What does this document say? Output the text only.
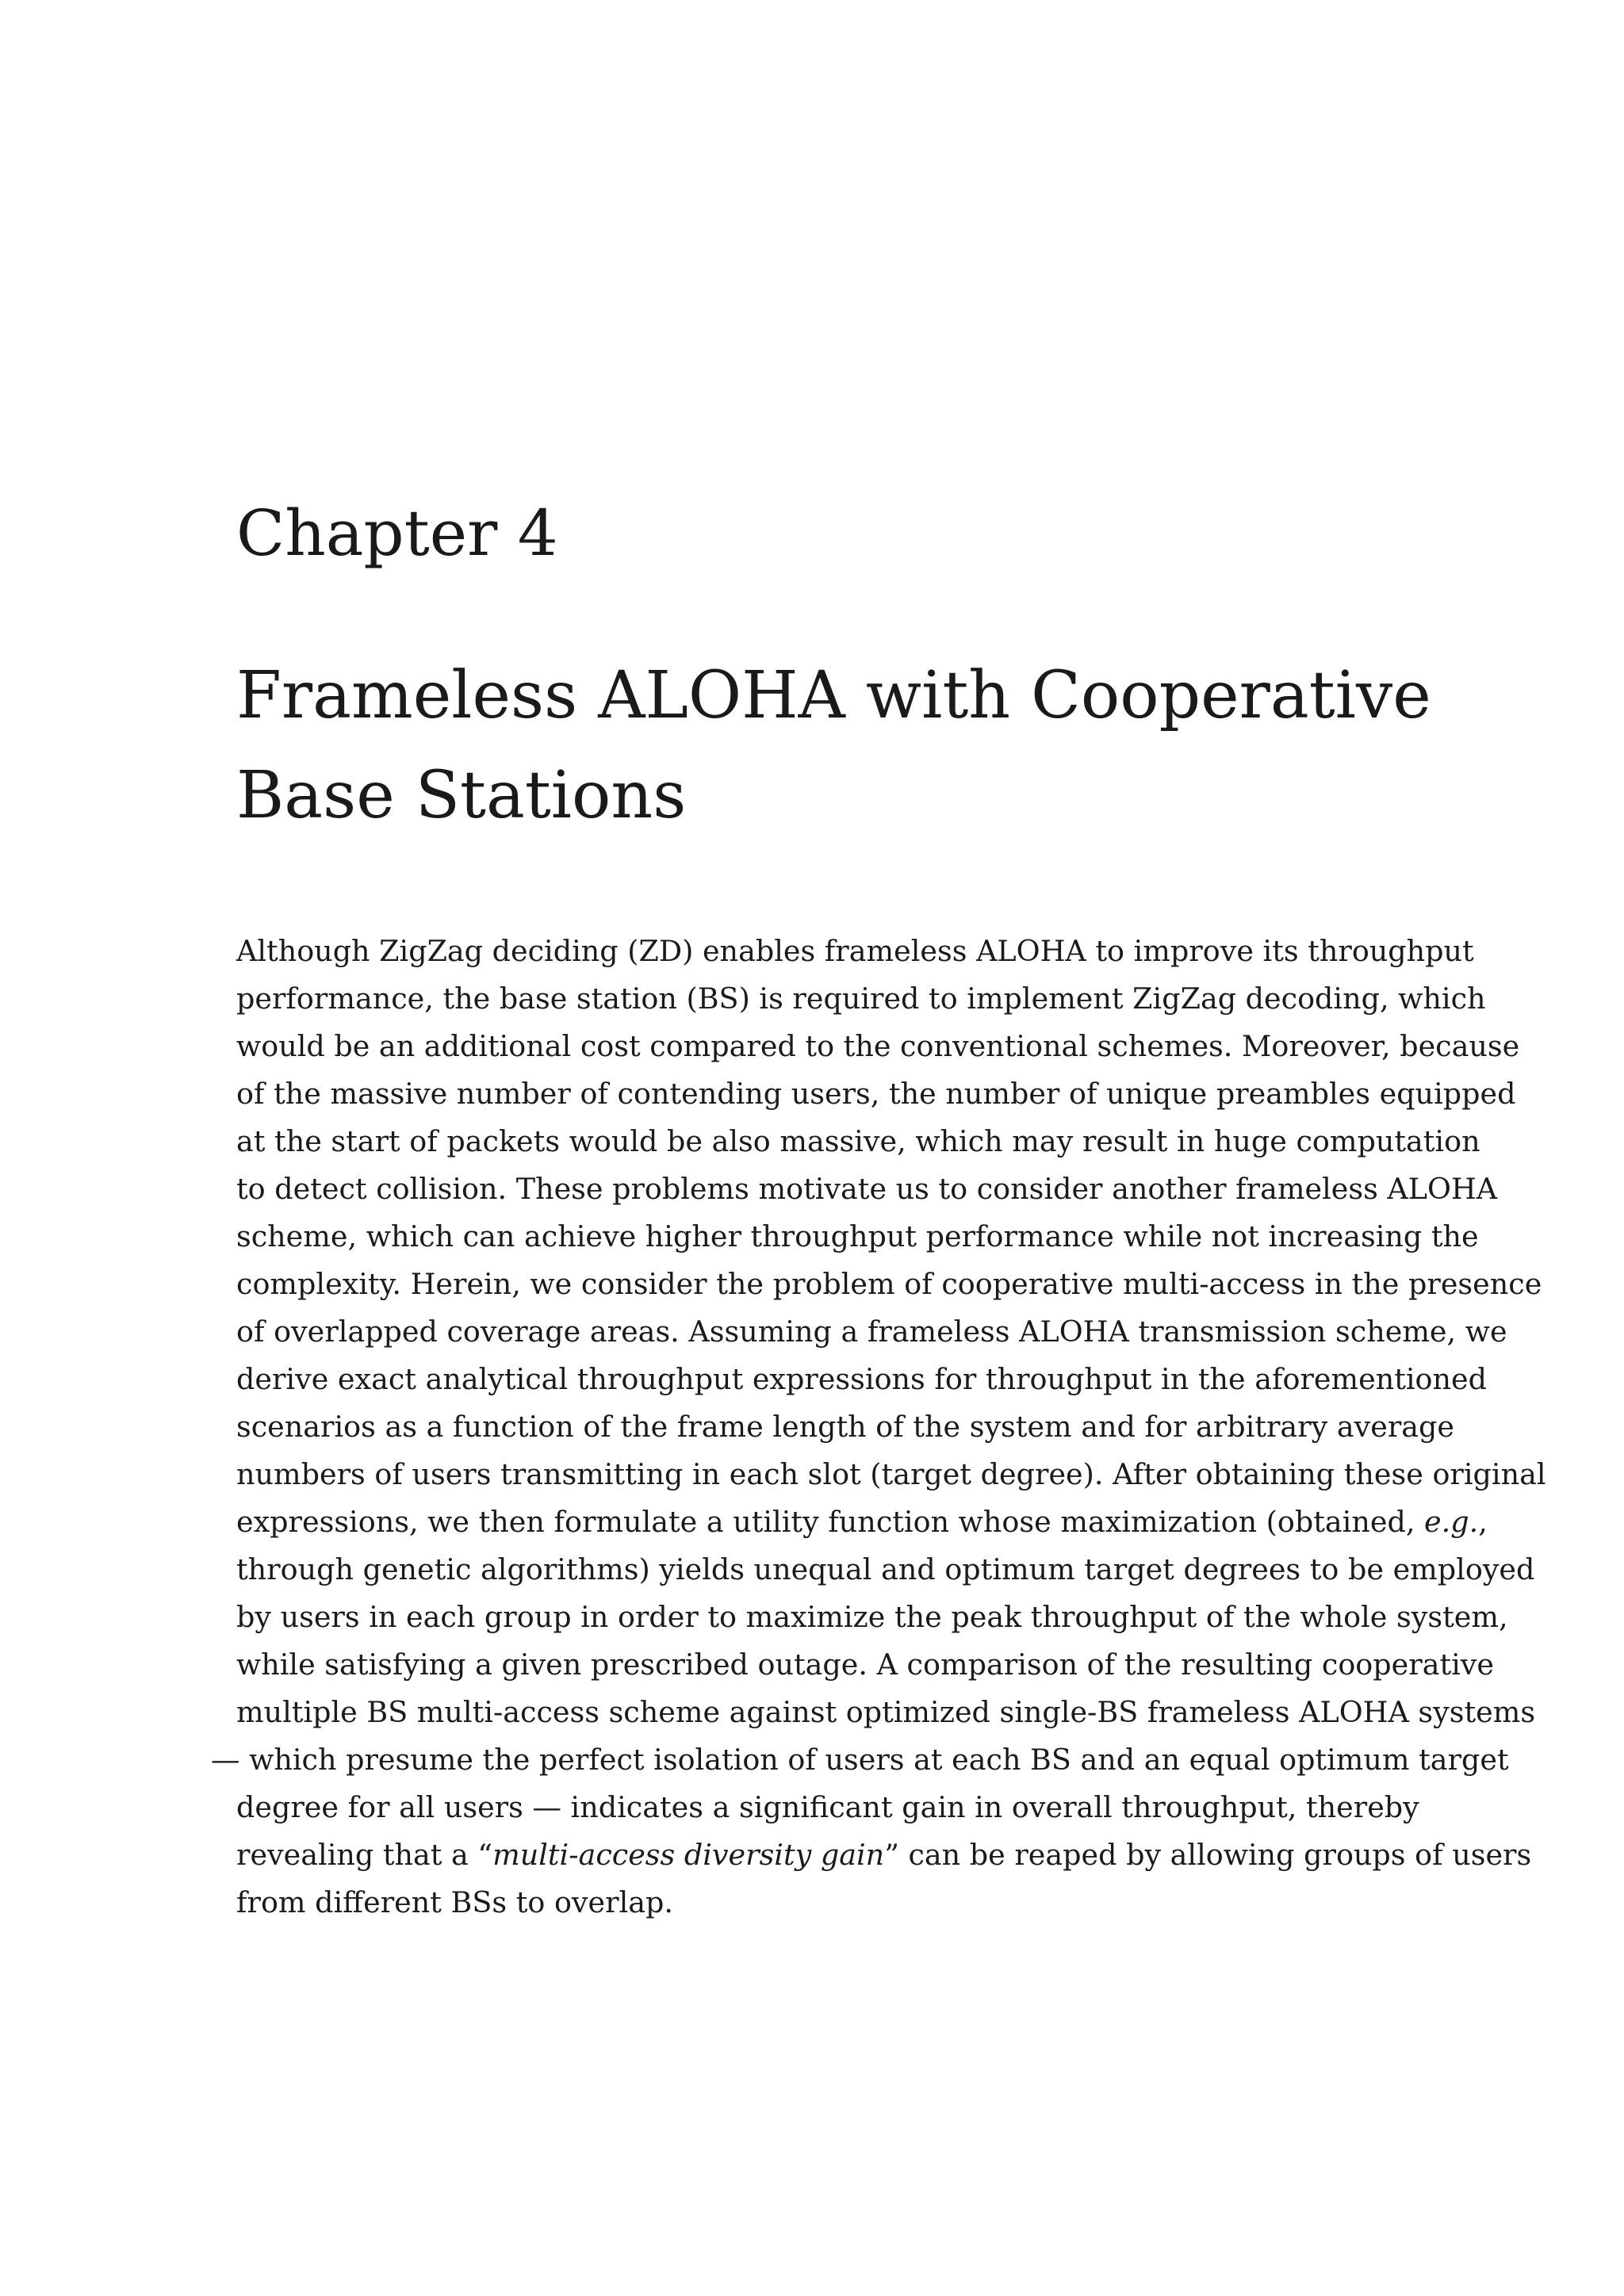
Chapter 4
Frameless ALOHA with Cooperative
Base Stations

Although ZigZag deciding (ZD) enables frameless ALOHA to improve its throughput
performance, the base station (BS) is required to implement ZigZag decoding, which
would be an additional cost compared to the conventional schemes. Moreover, because
of the massive number of contending users, the number of unique preambles equipped
at the start of packets would be also massive, which may result in huge computation
to detect collision. These problems motivate us to consider another frameless ALOHA
scheme, which can achieve higher throughput performance while not increasing the
complexity. Herein, we consider the problem of cooperative multi-access in the presence
of overlapped coverage areas. Assuming a frameless ALOHA transmission scheme, we
derive exact analytical throughput expressions for throughput in the aforementioned
scenarios as a function of the frame length of the system and for arbitrary average
numbers of users transmitting in each slot (target degree). After obtaining these original
expressions, we then formulate a utility function whose maximization (obtained, e.g.,
through genetic algorithms) yields unequal and optimum target degrees to be employed
by users in each group in order to maximize the peak throughput of the whole system,
while satisfying a given prescribed outage. A comparison of the resulting cooperative
multiple BS multi-access scheme against optimized single-BS frameless ALOHA systems
— which presume the perfect isolation of users at each BS and an equal optimum target
degree for all users — indicates a significant gain in overall throughput, thereby
revealing that a “multi-access diversity gain” can be reaped by allowing groups of users
from different BSs to overlap.
